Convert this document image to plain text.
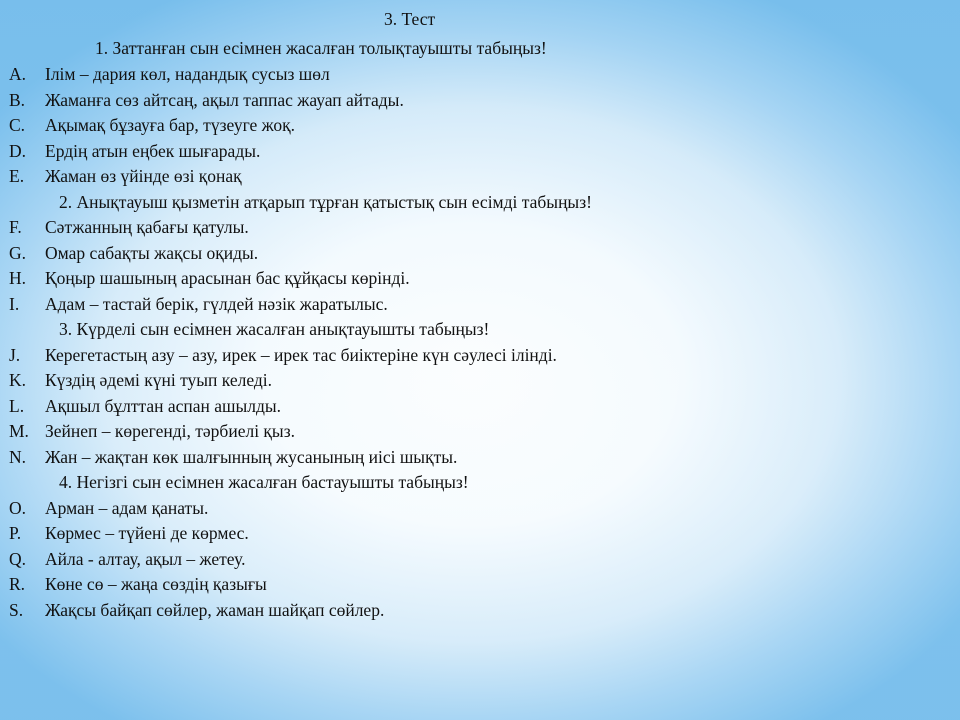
3. Тест
1. Заттанған сын есімнен жасалған толықтауышты табыңыз!
A. Ілім – дария көл, надандық сусыз шөл
B. Жаманға сөз айтсаң, ақыл таппас жауап айтады.
C. Ақымақ бұзауға бар, түзеуге жоқ.
D. Ердің атын еңбек шығарады.
E. Жаман өз үйінде өзі қонақ
2. Анықтауыш қызметін атқарып тұрған қатыстық сын есімді табыңыз!
F. Сәтжанның қабағы қатулы.
G. Омар сабақты жақсы оқиды.
H. Қоңыр шашының арасынан бас құйқасы көрінді.
I. Адам – тастай берік, гүлдей нәзік жаратылыс.
3. Күрделі сын есімнен жасалған анықтауышты табыңыз!
J. Керегетастың азу – азу, ирек – ирек тас биіктеріне күн сәулесі ілінді.
K. Күздің әдемі күні туып келеді.
L. Ақшыл бұлттан аспан ашылды.
M. Зейнеп – көрегенді, тәрбиелі қыз.
N. Жан – жақтан көк шалғынның жусанының иісі шықты.
4. Негізгі сын есімнен жасалған бастауышты табыңыз!
O. Арман – адам қанаты.
P. Көрмес – түйені де көрмес.
Q. Айла - алтау, ақыл – жетеу.
R. Көне сө – жаңа сөздің қазығы
S. Жақсы байқап сөйлер, жаман шайқап сөйлер.
